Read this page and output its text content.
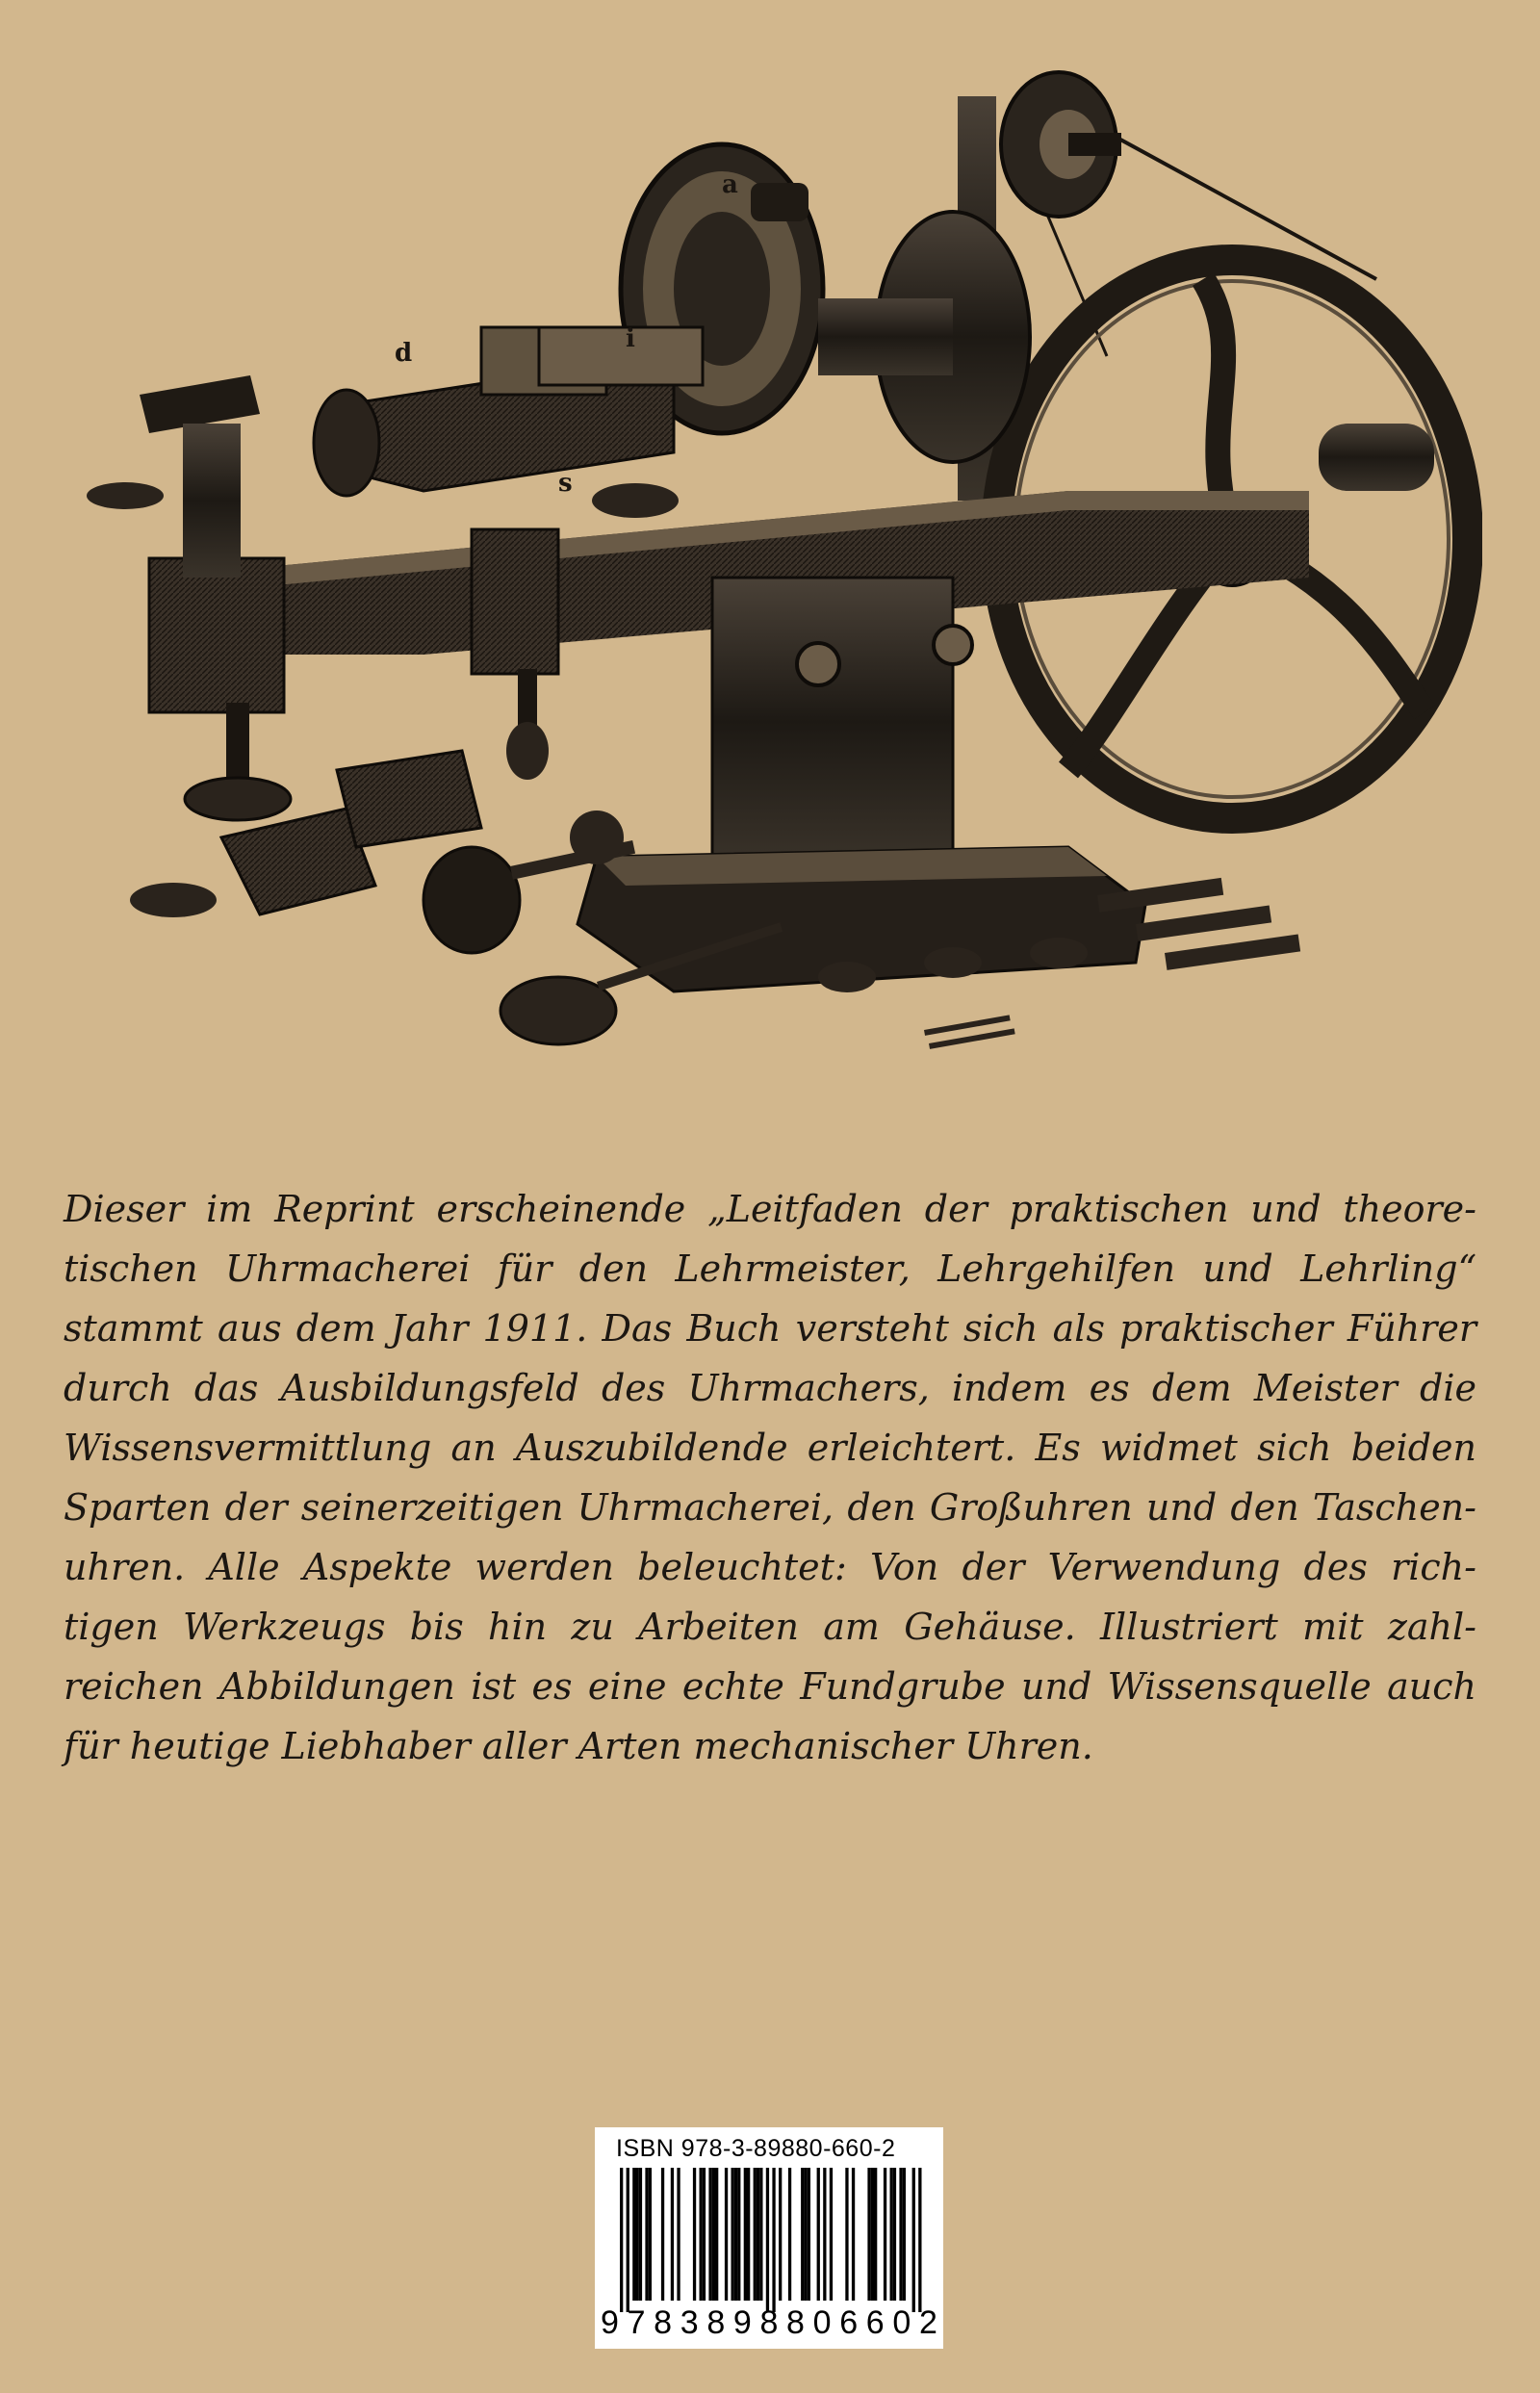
a
d	i
s
Dieser im Reprint erscheinende „Leitfaden der praktischen und theore-
tischen Uhrmacherei für den Lehrmeister, Lehrgehilfen und Lehrling“
stammt aus dem Jahr 1911. Das Buch versteht sich als praktischer Führer
durch das Ausbildungsfeld des Uhrmachers, indem es dem Meister die
Wissensvermittlung an Auszubildende erleichtert. Es widmet sich beiden
Sparten der seinerzeitigen Uhrmacherei, den Großuhren und den Taschen-
uhren. Alle Aspekte werden beleuchtet: Von der Verwendung des rich-
tigen Werkzeugs bis hin zu Arbeiten am Gehäuse. Illustriert mit zahl-
reichen Abbildungen ist es eine echte Fundgrube und Wissensquelle auch
für heutige Liebhaber aller Arten mechanischer Uhren.
ISBN 978-3-89880-660-2
9 7 8 3 8 9 8 8 0 6 6 0 2
